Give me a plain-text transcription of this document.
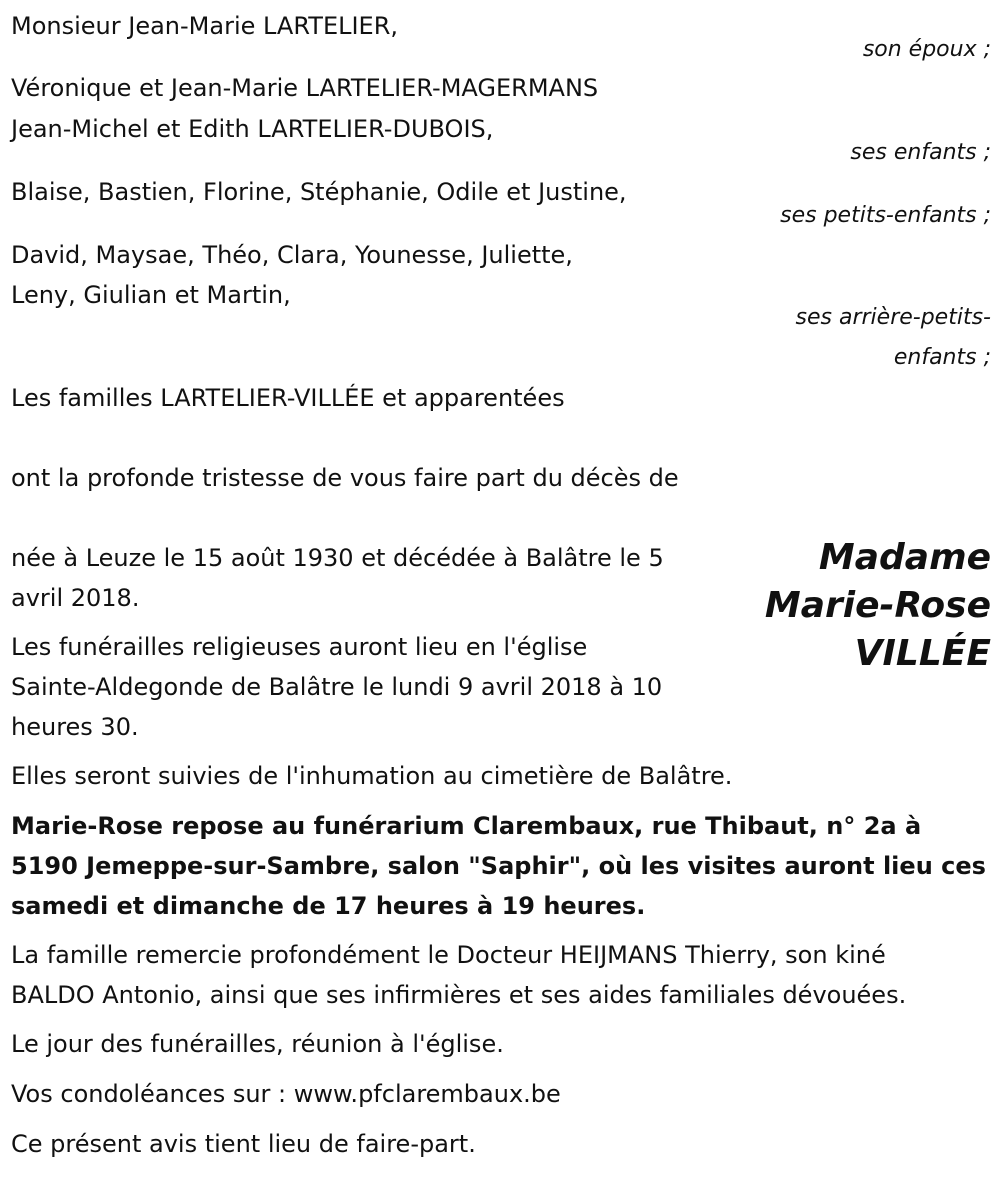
Monsieur Jean-Marie LARTELIER,
son époux ;
Véronique et Jean-Marie LARTELIER-MAGERMANS
Jean-Michel et Edith LARTELIER-DUBOIS,
ses enfants ;
Blaise, Bastien, Florine, Stéphanie, Odile et Justine,
ses petits-enfants ;
David, Maysae, Théo, Clara, Younesse, Juliette,
Leny, Giulian et Martin,
ses arrière-petits-
enfants ;
Les familles LARTELIER-VILLÉE et apparentées
ont la profonde tristesse de vous faire part du décès de
Madame
Marie-Rose
VILLÉE
née à Leuze le 15 août 1930 et décédée à Balâtre le 5
avril 2018.
Les funérailles religieuses auront lieu en l'église
Sainte-Aldegonde de Balâtre le lundi 9 avril 2018 à 10
heures 30.
Elles seront suivies de l'inhumation au cimetière de Balâtre.
Marie-Rose repose au funérarium Clarembaux, rue Thibaut, n° 2a à
5190 Jemeppe-sur-Sambre, salon "Saphir", où les visites auront lieu ces
samedi et dimanche de 17 heures à 19 heures.
La famille remercie profondément le Docteur HEIJMANS Thierry, son kiné
BALDO Antonio, ainsi que ses infirmières et ses aides familiales dévouées.
Le jour des funérailles, réunion à l'église.
Vos condoléances sur : www.pfclarembaux.be
Ce présent avis tient lieu de faire-part.
